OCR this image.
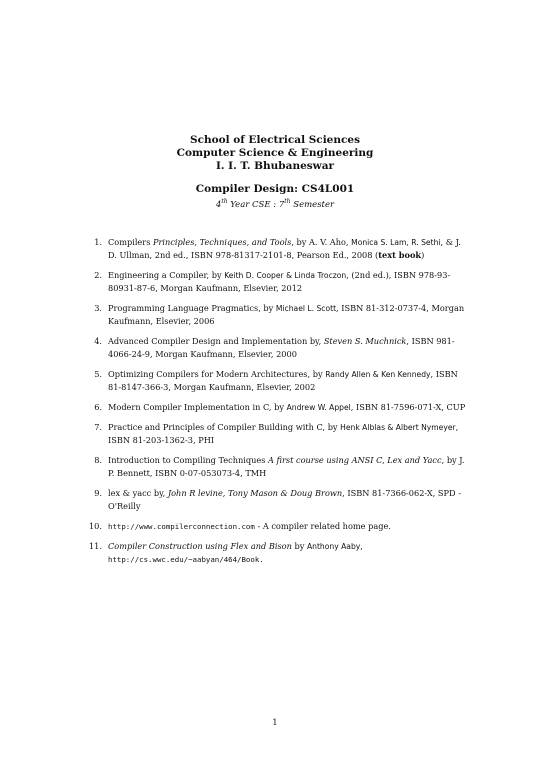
School of Electrical Sciences
Computer Science & Engineering
I. I. T. Bhubaneswar
Compiler Design: CS4L001
4th Year CSE : 7th Semester
1. Compilers Principles, Techniques, and Tools, by A. V. Aho, Monica S. Lam, R. Sethi, & J. D. Ullman, 2nd ed., ISBN 978-81317-2101-8, Pearson Ed., 2008 (text book)
2. Engineering a Compiler, by Keith D. Cooper & Linda Troczon, (2nd ed.), ISBN 978-93-80931-87-6, Morgan Kaufmann, Elsevier, 2012
3. Programming Language Pragmatics, by Michael L. Scott, ISBN 81-312-0737-4, Morgan Kaufmann, Elsevier, 2006
4. Advanced Compiler Design and Implementation by, Steven S. Muchnick, ISBN 981-4066-24-9, Morgan Kaufmann, Elsevier, 2000
5. Optimizing Compilers for Modern Architectures, by Randy Allen & Ken Kennedy, ISBN 81-8147-366-3, Morgan Kaufmann, Elsevier, 2002
6. Modern Compiler Implementation in C, by Andrew W. Appel, ISBN 81-7596-071-X, CUP
7. Practice and Principles of Compiler Building with C, by Henk Alblas & Albert Nymeyer, ISBN 81-203-1362-3, PHI
8. Introduction to Compiling Techniques A first course using ANSI C, Lex and Yacc, by J. P. Bennett, ISBN 0-07-053073-4, TMH
9. lex & yacc by, John R levine, Tony Mason & Doug Brown, ISBN 81-7366-062-X, SPD - O'Reilly
10. http://www.compilerconnection.com - A compiler related home page.
11. Compiler Construction using Flex and Bison by Anthony Aaby,
http://cs.wwc.edu/~aabyan/464/Book.
1
